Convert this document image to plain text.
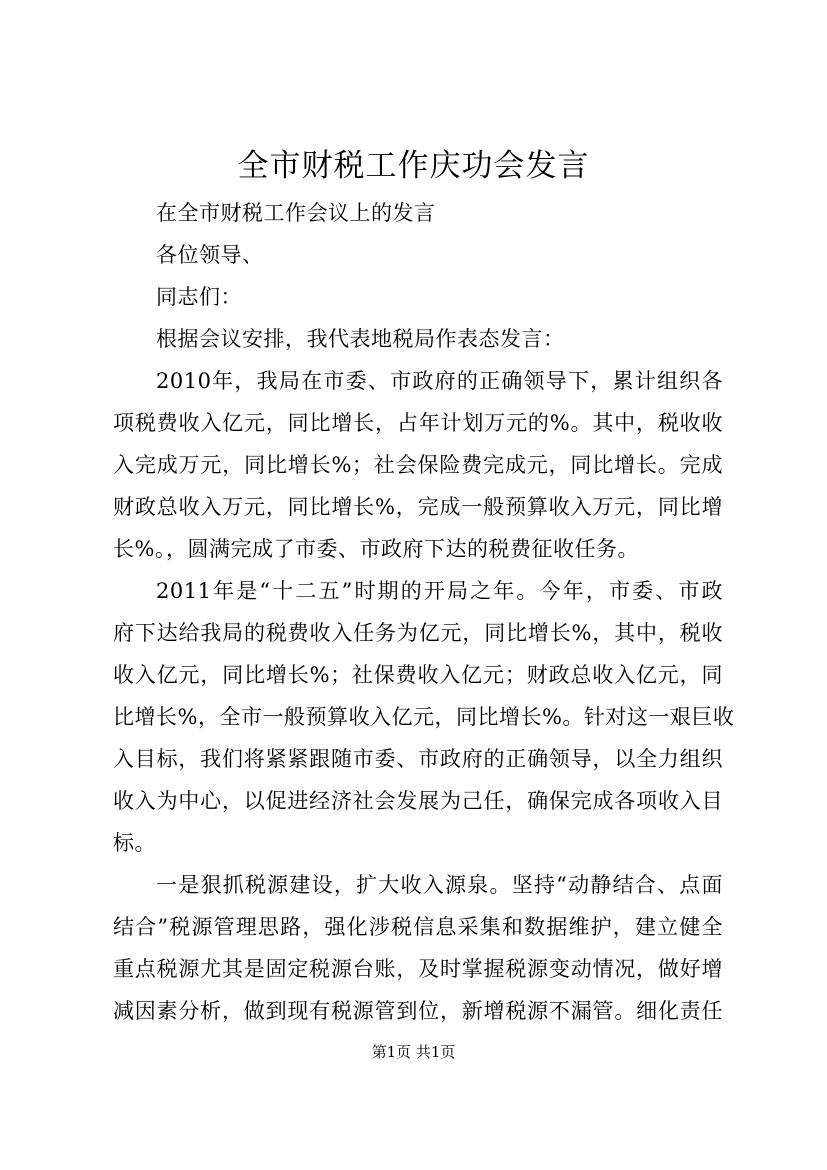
全市财税工作庆功会发言
在全市财税工作会议上的发言
各位领导、
同志们：
根据会议安排，我代表地税局作表态发言：
2010年，我局在市委、市政府的正确领导下，累计组织各
项税费收入亿元，同比增长，占年计划万元的%。其中，税收收
入完成万元，同比增长%；社会保险费完成元，同比增长。完成
财政总收入万元，同比增长%，完成一般预算收入万元，同比增
长%。，圆满完成了市委、市政府下达的税费征收任务。
2011年是“十二五”时期的开局之年。今年，市委、市政
府下达给我局的税费收入任务为亿元，同比增长%，其中，税收
收入亿元，同比增长%；社保费收入亿元；财政总收入亿元，同
比增长%，全市一般预算收入亿元，同比增长%。针对这一艰巨收
入目标，我们将紧紧跟随市委、市政府的正确领导，以全力组织
收入为中心，以促进经济社会发展为己任，确保完成各项收入目
标。
一是狠抓税源建设，扩大收入源泉。坚持“动静结合、点面
结合”税源管理思路，强化涉税信息采集和数据维护，建立健全
重点税源尤其是固定税源台账，及时掌握税源变动情况，做好增
减因素分析，做到现有税源管到位，新增税源不漏管。细化责任
第1页 共1页
